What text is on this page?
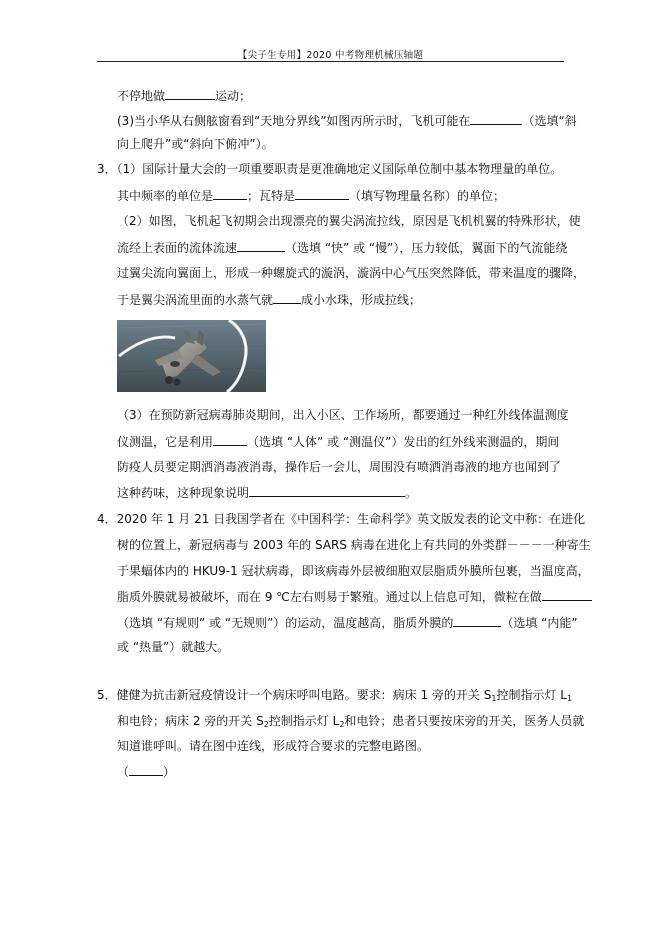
【尖子生专用】2020 中考物理机械压轴题
不停地做	运动；
(3)当小华从右侧舷窗看到“天地分界线”如图丙所示时，飞机可能在	（选填“斜
向上爬升”或“斜向下俯冲”）。
3．（1）国际计量大会的一项重要职责是更准确地定义国际单位制中基本物理量的单位。
其中频率的单位是	；瓦特是	（填写物理量名称）的单位；
（2）如图，飞机起飞初期会出现漂亮的翼尖涡流拉线，原因是飞机机翼的特殊形状，使
流经上表面的流体流速	（选填 “快” 或 “慢”），压力较低，翼面下的气流能绕
过翼尖流向翼面上，形成一种螺旋式的漩涡，漩涡中心气压突然降低，带来温度的骤降，
于是翼尖涡流里面的水蒸气就 成小水珠，形成拉线；
（3）在预防新冠病毒肺炎期间，出入小区、工作场所，都要通过一种红外线体温测度
仪测温，它是利用	（选填 “人体” 或 “测温仪”）发出的红外线来测温的，期间
防疫人员要定期洒消毒液消毒，操作后一会儿，周围没有喷洒消毒液的地方也闻到了
这种药味，这种现象说明	。
4．2020 年 1 月 21 日我国学者在《中国科学：生命科学》英文版发表的论文中称：在进化
树的位置上，新冠病毒与 2003 年的 SARS 病毒在进化上有共同的外类群－－－一种寄生
于果蝠体内的 HKU9-1 冠状病毒，即该病毒外层被细胞双层脂质外膜所包裹，当温度高，
脂质外膜就易被破坏，而在 9 ℃左右则易于繁殖。通过以上信息可知，微粒在做
（选填 “有规则” 或 “无规则”）的运动，温度越高，脂质外膜的	（选填 “内能”
或 “热量”）就越大。
5．健健为抗击新冠疫情设计一个病床呼叫电路。要求：病床 1 旁的开关 $S_1$控制指示灯 $L_1$
和电铃；病床 2 旁的开关 $S_2$控制指示灯 $L_2$和电铃；患者只要按床旁的开关，医务人员就
知道谁呼叫。请在图中连线，形成符合要求的完整电路图。
（	）
